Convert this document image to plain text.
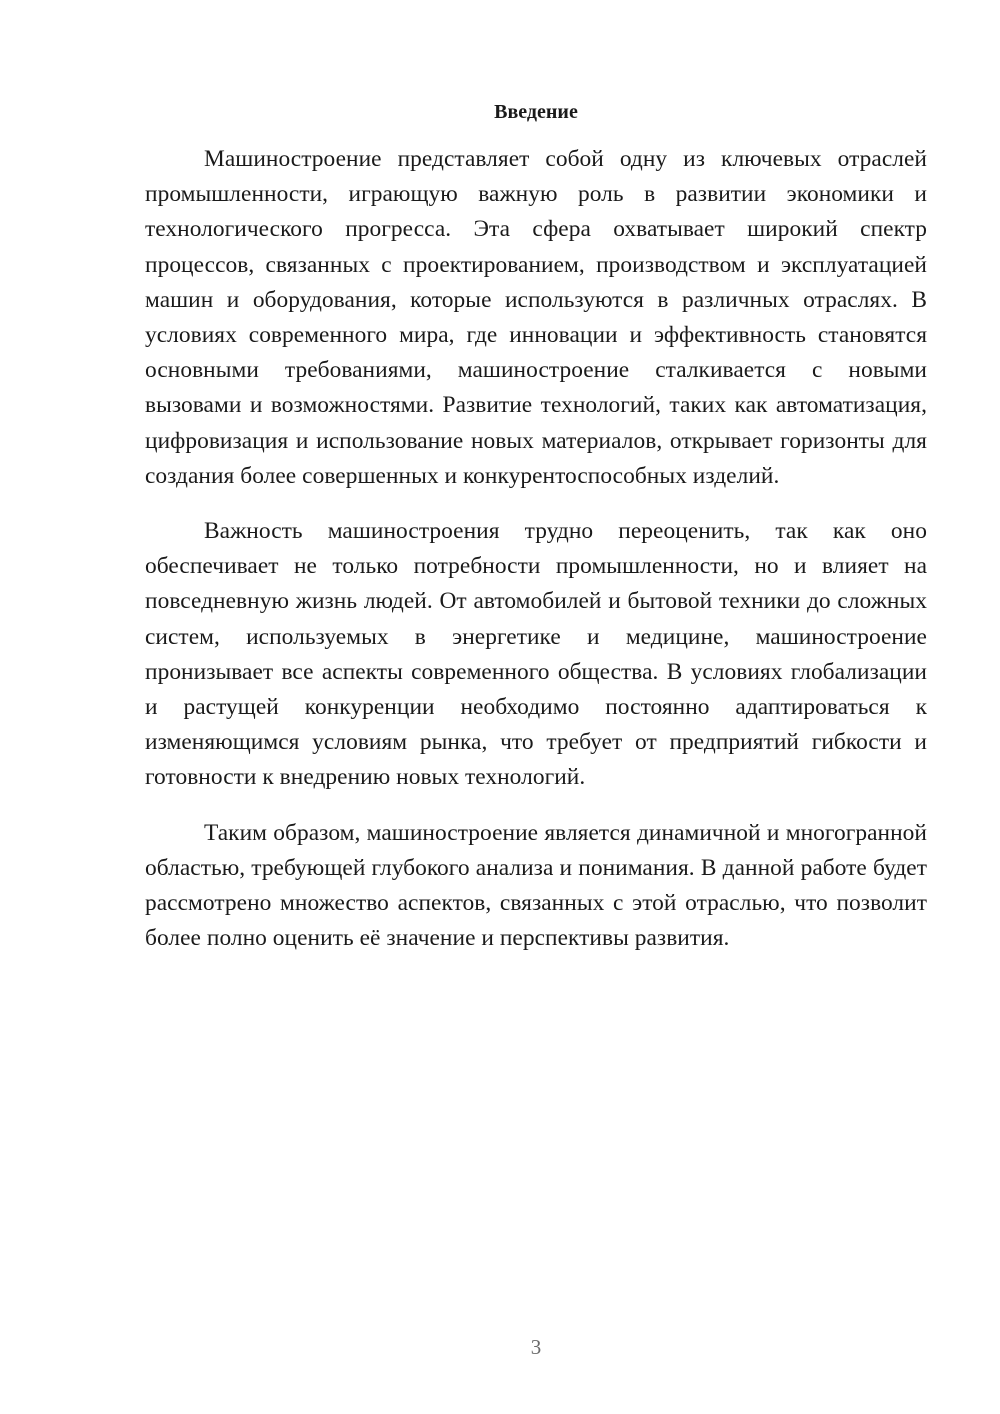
Введение

Машиностроение представляет собой одну из ключевых отраслей промышленности, играющую важную роль в развитии экономики и технологического прогресса. Эта сфера охватывает широкий спектр процессов, связанных с проектированием, производством и эксплуатацией машин и оборудования, которые используются в различных отраслях. В условиях современного мира, где инновации и эффективность становятся основными требованиями, машиностроение сталкивается с новыми вызовами и возможностями. Развитие технологий, таких как автоматизация, цифровизация и использование новых материалов, открывает горизонты для создания более совершенных и конкурентоспособных изделий.

Важность машиностроения трудно переоценить, так как оно обеспечивает не только потребности промышленности, но и влияет на повседневную жизнь людей. От автомобилей и бытовой техники до сложных систем, используемых в энергетике и медицине, машиностроение пронизывает все аспекты современного общества. В условиях глобализации и растущей конкуренции необходимо постоянно адаптироваться к изменяющимся условиям рынка, что требует от предприятий гибкости и готовности к внедрению новых технологий.

Таким образом, машиностроение является динамичной и многогранной областью, требующей глубокого анализа и понимания. В данной работе будет рассмотрено множество аспектов, связанных с этой отраслью, что позволит более полно оценить её значение и перспективы развития.

3
